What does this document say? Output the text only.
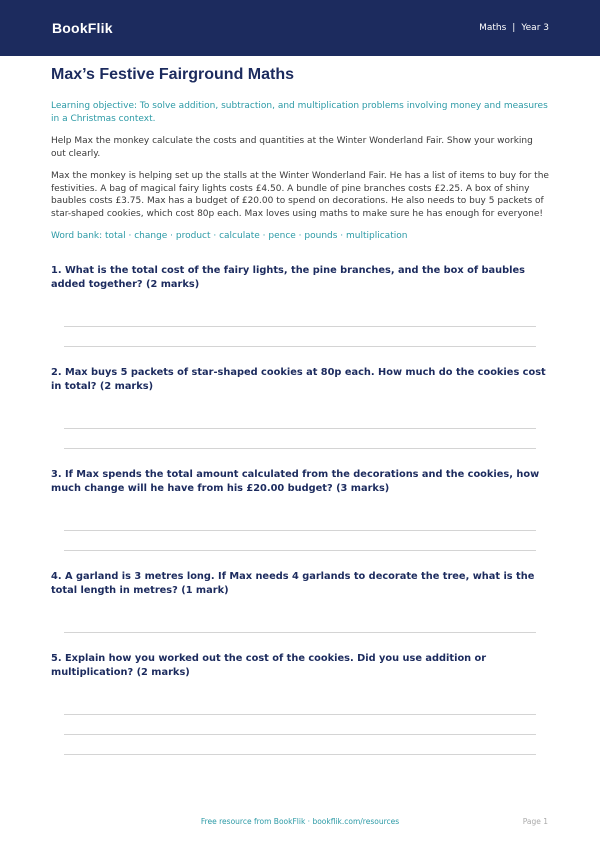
BookFlik	Maths | Year 3
Max’s Festive Fairground Maths
Learning objective: To solve addition, subtraction, and multiplication problems involving money and measures in a Christmas context.
Help Max the monkey calculate the costs and quantities at the Winter Wonderland Fair. Show your working out clearly.
Max the monkey is helping set up the stalls at the Winter Wonderland Fair. He has a list of items to buy for the festivities. A bag of magical fairy lights costs £4.50. A bundle of pine branches costs £2.25. A box of shiny baubles costs £3.75. Max has a budget of £20.00 to spend on decorations. He also needs to buy 5 packets of star-shaped cookies, which cost 80p each. Max loves using maths to make sure he has enough for everyone!
Word bank: total · change · product · calculate · pence · pounds · multiplication
1. What is the total cost of the fairy lights, the pine branches, and the box of baubles added together? (2 marks)
2. Max buys 5 packets of star-shaped cookies at 80p each. How much do the cookies cost in total? (2 marks)
3. If Max spends the total amount calculated from the decorations and the cookies, how much change will he have from his £20.00 budget? (3 marks)
4. A garland is 3 metres long. If Max needs 4 garlands to decorate the tree, what is the total length in metres? (1 mark)
5. Explain how you worked out the cost of the cookies. Did you use addition or multiplication? (2 marks)
Free resource from BookFlik · bookflik.com/resources	Page 1
